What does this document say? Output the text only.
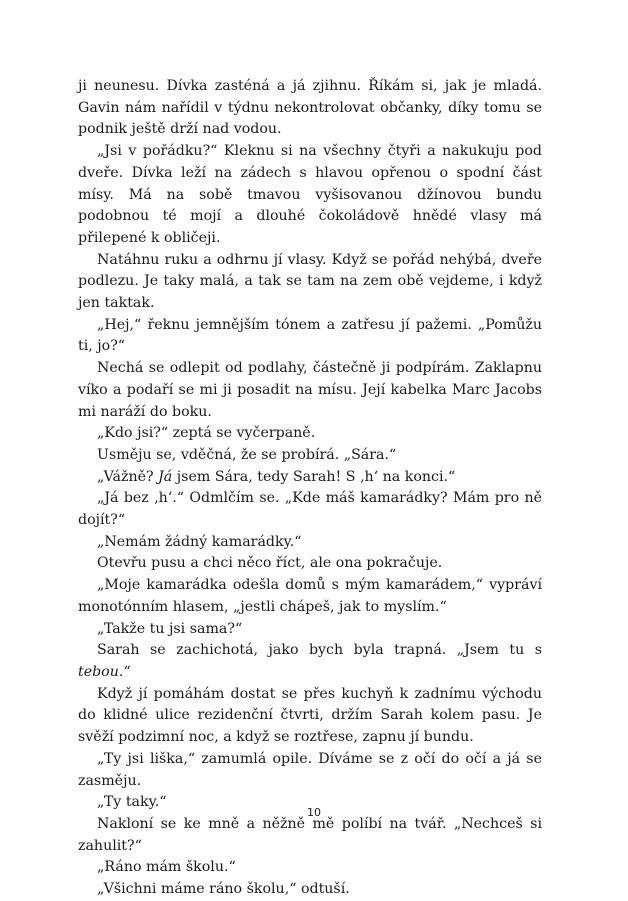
ji neunesu. Dívka zasténá a já zjihnu. Říkám si, jak je mladá. Gavin nám nařídil v týdnu nekontrolovat občanky, díky tomu se podnik ještě drží nad vodou.

„Jsi v pořádku?“ Kleknu si na všechny čtyři a nakukuju pod dveře. Dívka leží na zádech s hlavou opřenou o spodní část mísy. Má na sobě tmavou vyšisovanou džínovou bundu podobnou té mojí a dlouhé čokoládově hnědé vlasy má přilepené k obličeji.

Natáhnu ruku a odhrnu jí vlasy. Když se pořád nehýbá, dveře podlezu. Je taky malá, a tak se tam na zem obě vejdeme, i když jen taktak.

„Hej,“ řeknu jemnějším tónem a zatřesu jí pažemi. „Pomůžu ti, jo?“

Nechá se odlepit od podlahy, částečně ji podpírám. Zaklapnu víko a podaří se mi ji posadit na mísu. Její kabelka Marc Jacobs mi naráží do boku.

„Kdo jsi?“ zeptá se vyčerpaně.

Usměju se, vděčná, že se probírá. „Sára.“

„Vážně? Já jsem Sára, tedy Sarah! S ‚h‘ na konci.“

„Já bez ‚h‘.“ Odmlčím se. „Kde máš kamarádky? Mám pro ně dojít?“

„Nemám žádný kamarádky.“

Otevřu pusu a chci něco říct, ale ona pokračuje.

„Moje kamarádka odešla domů s mým kamarádem,“ vypráví monotónním hlasem, „jestli chápeš, jak to myslím.“

„Takže tu jsi sama?“

Sarah se zachichotá, jako bych byla trapná. „Jsem tu s tebou.“

Když jí pomáhám dostat se přes kuchyň k zadnímu východu do klidné ulice rezidenční čtvrti, držím Sarah kolem pasu. Je svěží podzimní noc, a když se roztřese, zapnu jí bundu.

„Ty jsi liška,“ zamumlá opile. Díváme se z očí do očí a já se zasměju.

„Ty taky.“

Nakloní se ke mně a něžně mě políbí na tvář. „Nechceš si zahulit?“

„Ráno mám školu.“

„Všichni máme ráno školu,“ odtuší.

10
